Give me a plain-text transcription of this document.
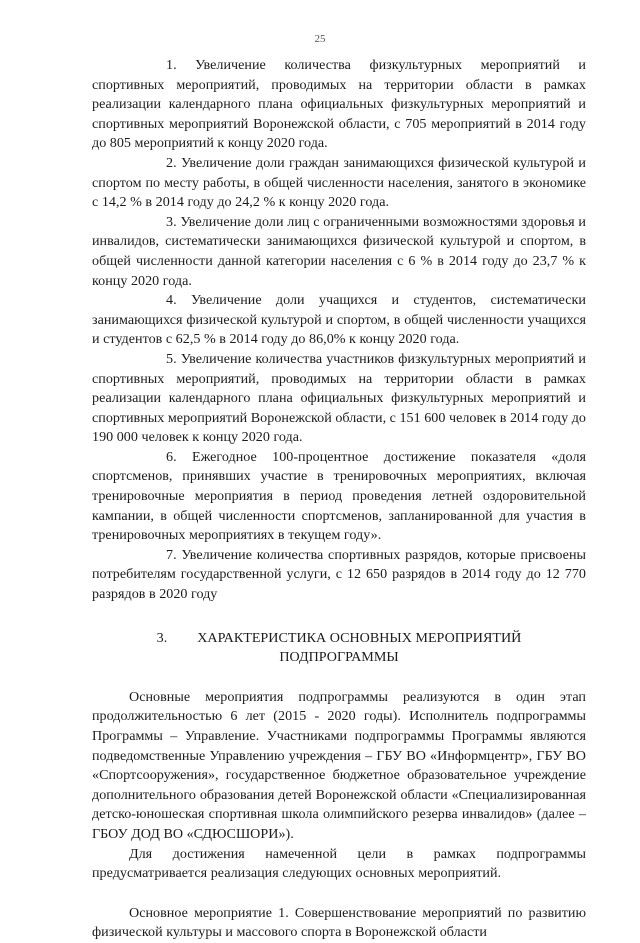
25

1. Увеличение количества физкультурных мероприятий и спортивных мероприятий, проводимых на территории области в рамках реализации календарного плана официальных физкультурных мероприятий и спортивных мероприятий Воронежской области, с 705 мероприятий в 2014 году до 805 мероприятий к концу 2020 года.

2. Увеличение доли граждан занимающихся физической культурой и спортом по месту работы, в общей численности населения, занятого в экономике с 14,2 % в 2014 году до 24,2 % к концу 2020 года.

3. Увеличение доли лиц с ограниченными возможностями здоровья и инвалидов, систематически занимающихся физической культурой и спортом, в общей численности данной категории населения с 6 % в 2014 году до 23,7 % к концу 2020 года.

4. Увеличение доли учащихся и студентов, систематически занимающихся физической культурой и спортом, в общей численности учащихся и студентов с 62,5 % в 2014 году до 86,0% к концу 2020 года.

5. Увеличение количества участников физкультурных мероприятий и спортивных мероприятий, проводимых на территории области в рамках реализации календарного плана официальных физкультурных мероприятий и спортивных мероприятий Воронежской области, с 151 600 человек в 2014 году до 190 000 человек к концу 2020 года.

6. Ежегодное 100-процентное достижение показателя «доля спортсменов, принявших участие в тренировочных мероприятиях, включая тренировочные мероприятия в период проведения летней оздоровительной кампании, в общей численности спортсменов, запланированной для участия в тренировочных мероприятиях в текущем году».

7. Увеличение количества спортивных разрядов, которые присвоены потребителям государственной услуги, с 12 650 разрядов в 2014 году до 12 770 разрядов в 2020 году

3. ХАРАКТЕРИСТИКА ОСНОВНЫХ МЕРОПРИЯТИЙ
ПОДПРОГРАММЫ

Основные мероприятия подпрограммы реализуются в один этап продолжительностью 6 лет (2015 - 2020 годы). Исполнитель подпрограммы Программы – Управление. Участниками подпрограммы Программы являются подведомственные Управлению учреждения – ГБУ ВО «Информцентр», ГБУ ВО «Спортсооружения», государственное бюджетное образовательное учреждение дополнительного образования детей Воронежской области «Специализированная детско-юношеская спортивная школа олимпийского резерва инвалидов» (далее – ГБОУ ДОД ВО «СДЮСШОРИ»).

Для достижения намеченной цели в рамках подпрограммы предусматривается реализация следующих основных мероприятий.

Основное мероприятие 1. Совершенствование мероприятий по развитию физической культуры и массового спорта в Воронежской области
